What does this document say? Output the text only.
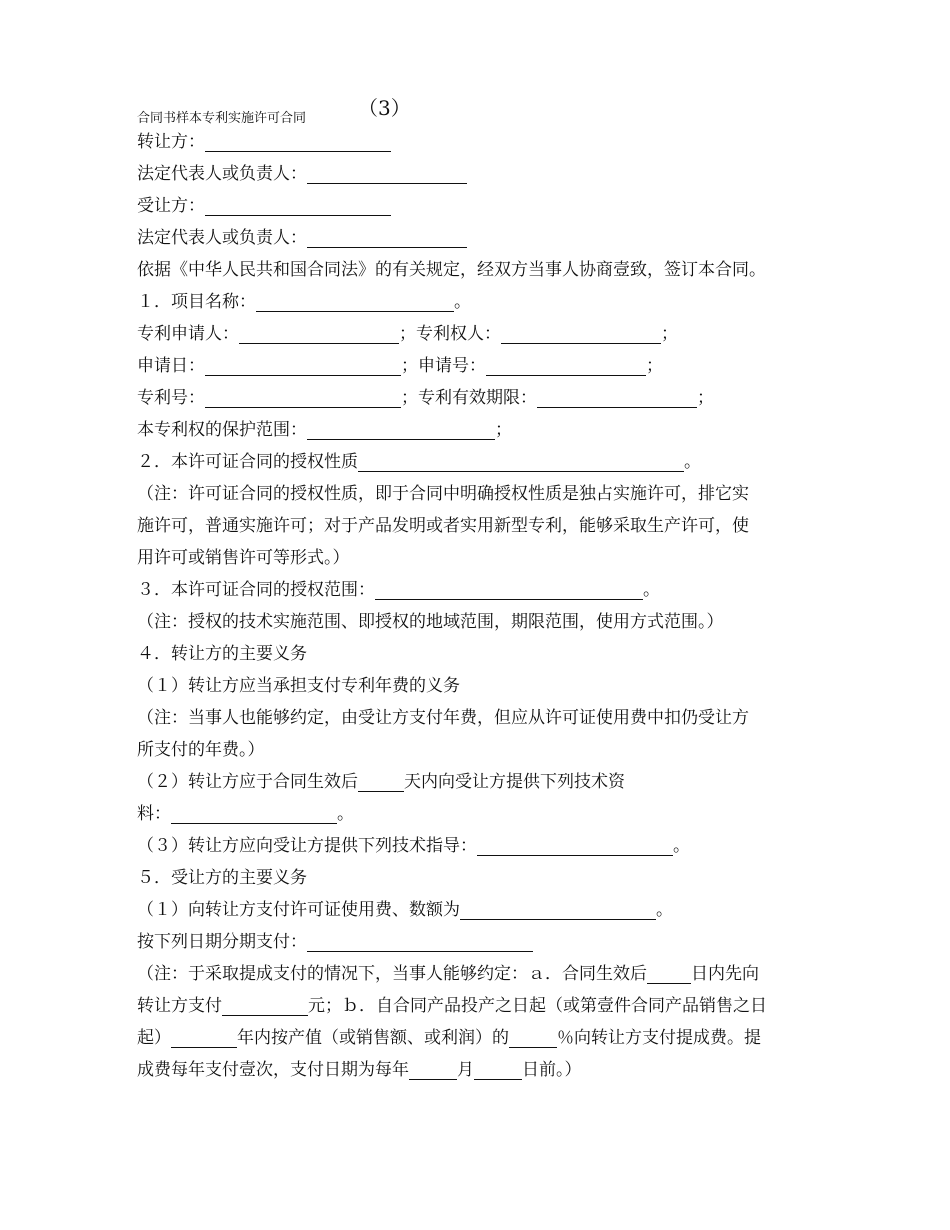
合同书样本专利实施许可合同	（3）
转让方：
法定代表人或负责人：
受让方：
法定代表人或负责人：
依据《中华人民共和国合同法》的有关规定，经双方当事人协商壹致，签订本合同。
１．项目名称：	。
专利申请人：	；专利权人：	；
申请日：	；申请号：	；
专利号：	；专利有效期限：	；
本专利权的保护范围：	；
２．本许可证合同的授权性质	。
（注：许可证合同的授权性质，即于合同中明确授权性质是独占实施许可，排它实
施许可，普通实施许可；对于产品发明或者实用新型专利，能够采取生产许可，使
用许可或销售许可等形式。）
３．本许可证合同的授权范围：	。
（注：授权的技术实施范围、即授权的地域范围，期限范围，使用方式范围。）
４．转让方的主要义务
（１）转让方应当承担支付专利年费的义务
（注：当事人也能够约定，由受让方支付年费，但应从许可证使用费中扣仍受让方
所支付的年费。）
（２）转让方应于合同生效后	天内向受让方提供下列技术资
料：	。
（３）转让方应向受让方提供下列技术指导：	。
５．受让方的主要义务
（１）向转让方支付许可证使用费、数额为	。
按下列日期分期支付：
（注：于采取提成支付的情况下，当事人能够约定：ａ．合同生效后	日内先向
转让方支付	元；ｂ．自合同产品投产之日起（或第壹件合同产品销售之日
起）	年内按产值（或销售额、或利润）的	％向转让方支付提成费。提
成费每年支付壹次，支付日期为每年	月	日前。）
